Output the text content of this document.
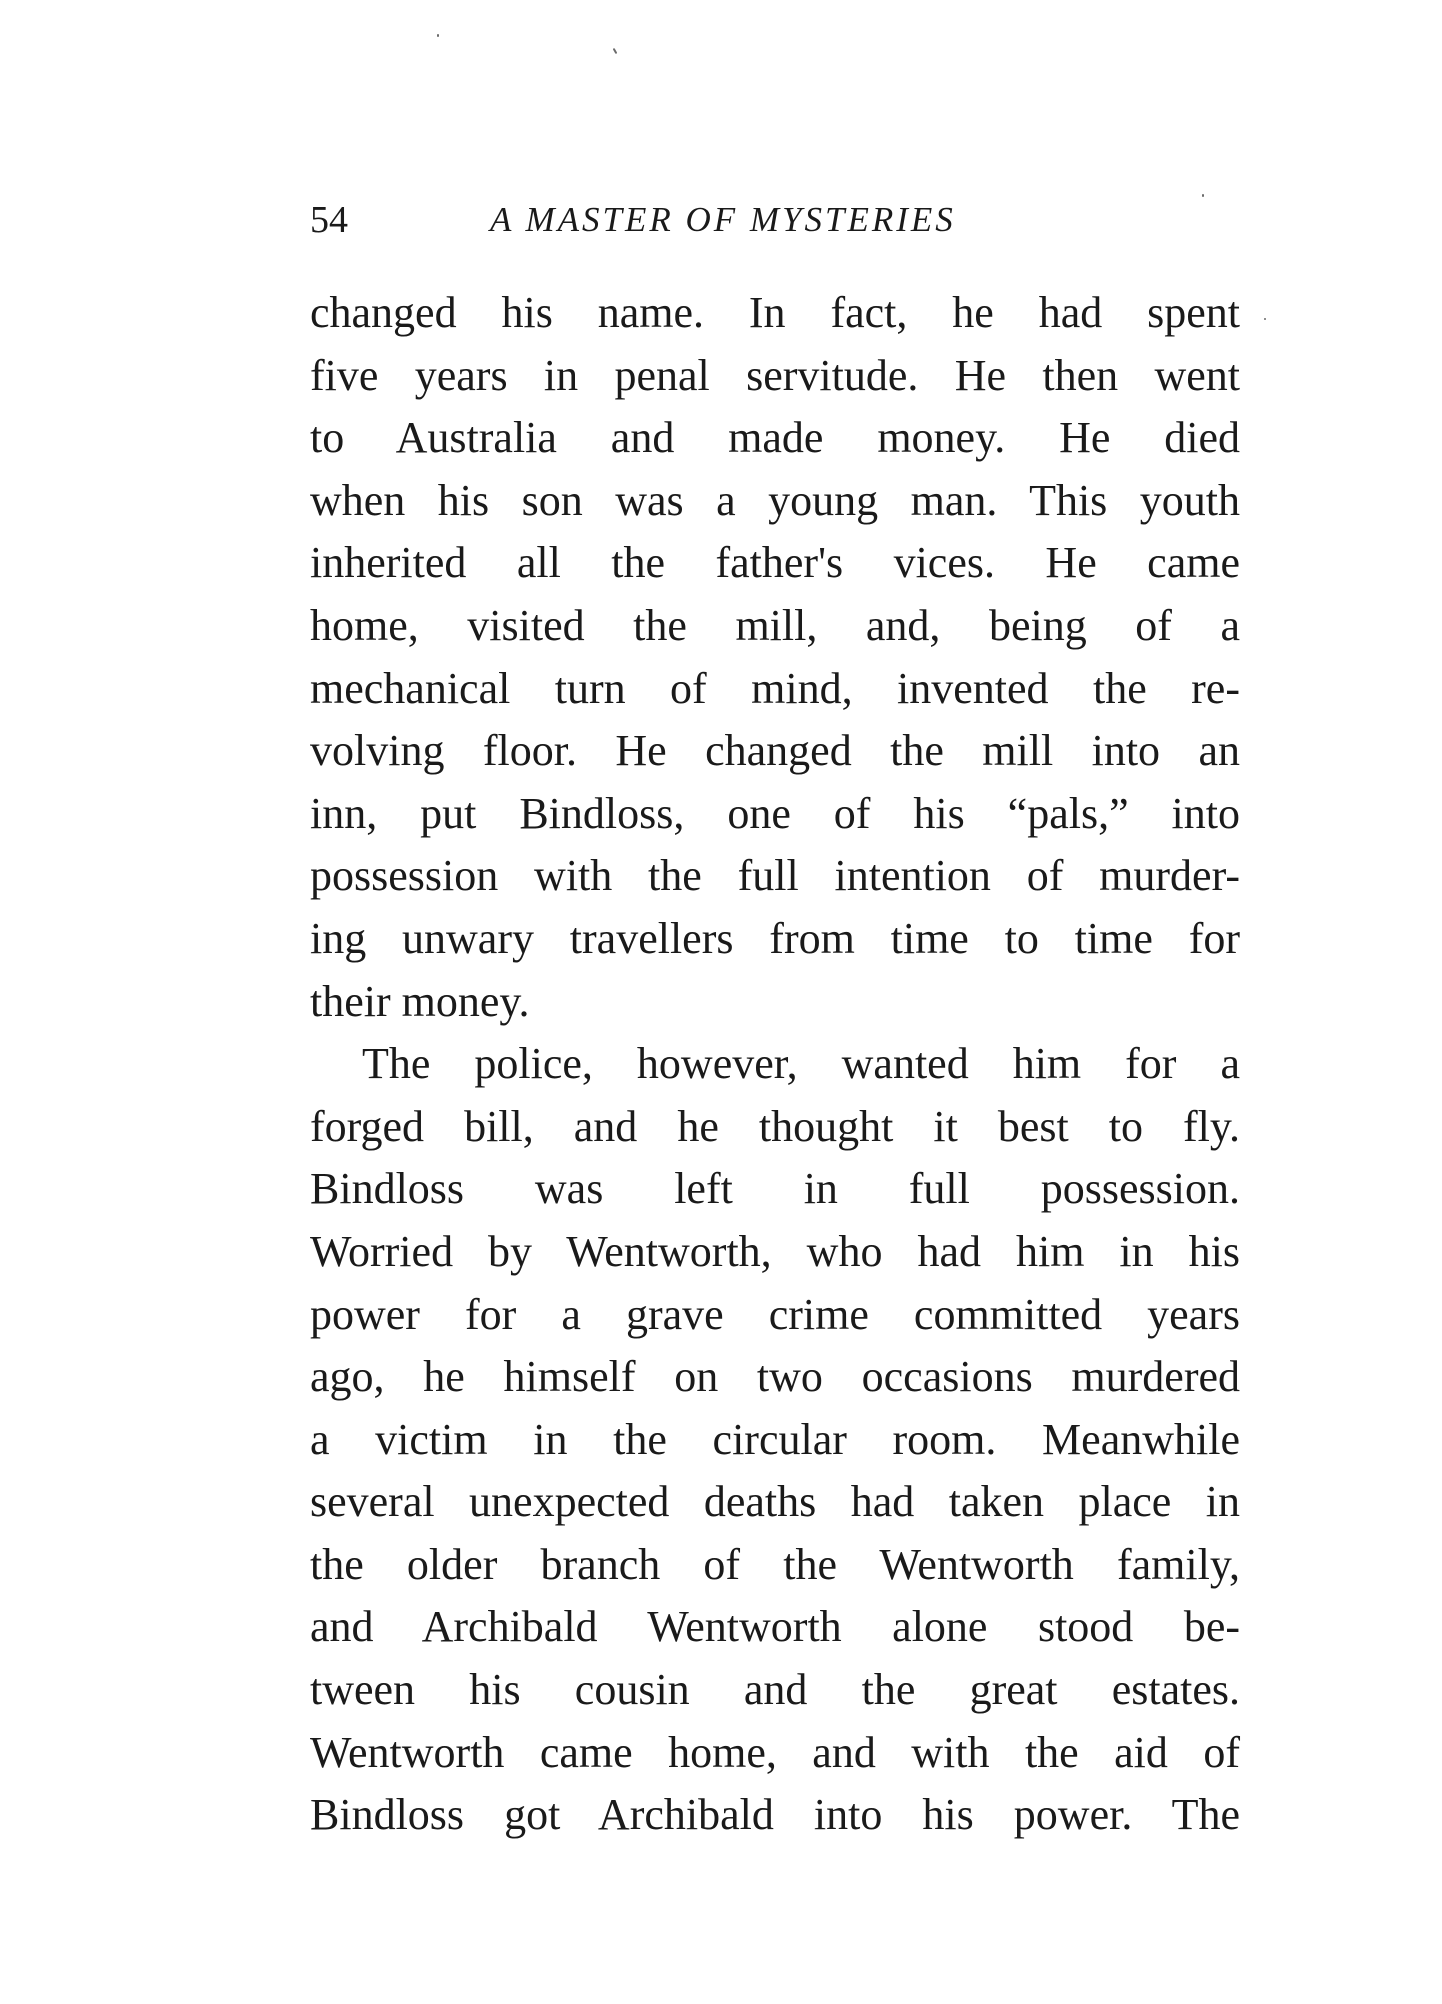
54	A MASTER OF MYSTERIES
changed his name. In fact, he had spent
five years in penal servitude. He then went
to Australia and made money. He died
when his son was a young man. This youth
inherited all the father's vices. He came
home, visited the mill, and, being of a
mechanical turn of mind, invented the re-
volving floor. He changed the mill into an
inn, put Bindloss, one of his “pals,” into
possession with the full intention of murder-
ing unwary travellers from time to time for
their money.
The police, however, wanted him for a
forged bill, and he thought it best to fly.
Bindloss was left in full possession.
Worried by Wentworth, who had him in his
power for a grave crime committed years
ago, he himself on two occasions murdered
a victim in the circular room. Meanwhile
several unexpected deaths had taken place in
the older branch of the Wentworth family,
and Archibald Wentworth alone stood be-
tween his cousin and the great estates.
Wentworth came home, and with the aid of
Bindloss got Archibald into his power. The
